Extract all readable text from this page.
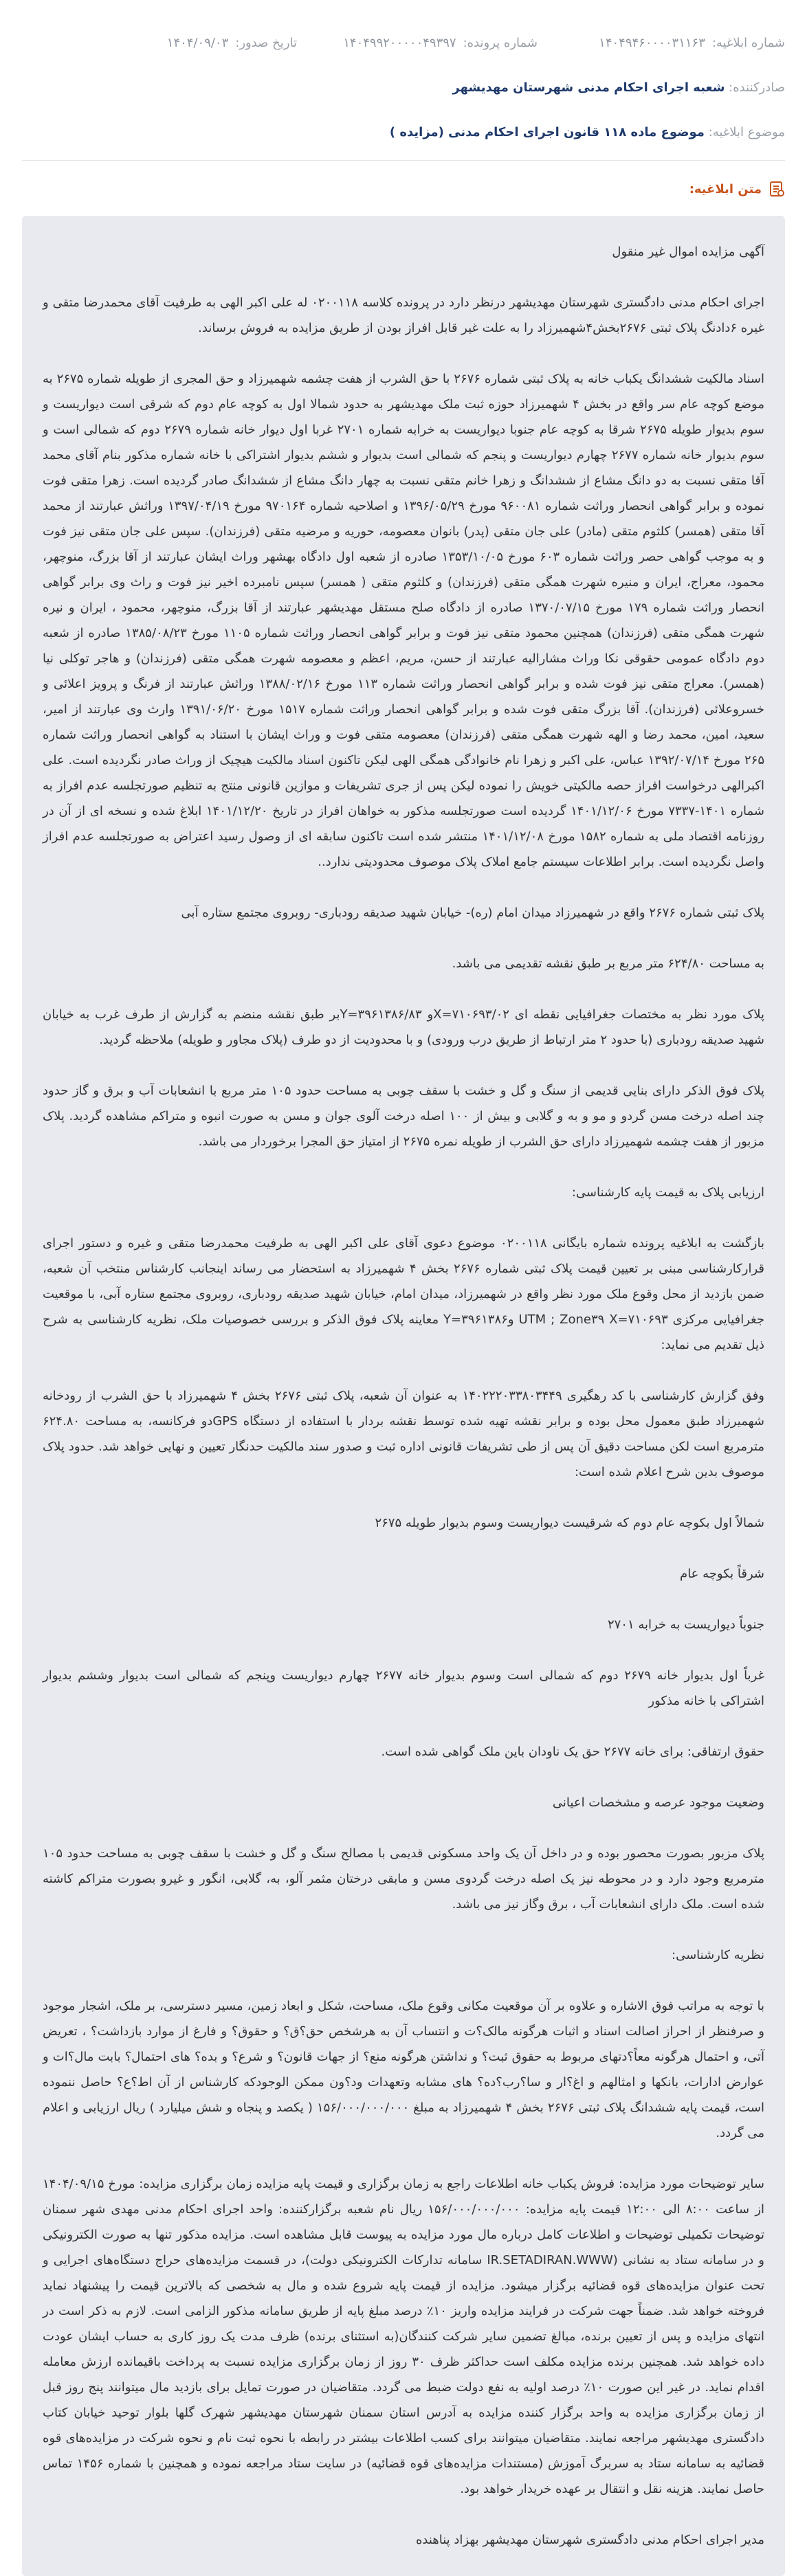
شماره ابلاغیه:
۱۴۰۴۹۴۶۰۰۰۰۳۱۱۶۳
شماره پرونده:
۱۴۰۴۹۹۲۰۰۰۰۰۴۹۳۹۷
تاریخ صدور:
۱۴۰۴/۰۹/۰۳
صادرکننده: شعبه اجرای احکام مدنی شهرستان مهدیشهر
موضوع ابلاغیه: موضوع ماده ۱۱۸ قانون اجرای احکام مدنی (مزایده )
متن ابلاغیه:

آگهی مزایده اموال غیر منقول

اجرای احکام مدنی دادگستری شهرستان مهدیشهر درنظر دارد در پرونده کلاسه ۰۲۰۰۱۱۸ له علی اکبر الهی به طرفیت آقای محمدرضا متقی و غیره ۶دادنگ پلاک ثبتی ۲۶۷۶بخش۴شهمیرزاد را به علت غیر قابل افراز بودن از طریق مزایده به فروش برساند.

اسناد مالکیت ششدانگ یکباب خانه به پلاک ثبتی شماره ۲۶۷۶ با حق الشرب از هفت چشمه شهمیرزاد و حق المجری از طویله شماره ۲۶۷۵ به موضع کوچه عام سر واقع در بخش ۴ شهمیرزاد حوزه ثبت ملک مهدیشهر به حدود شمالا اول به کوچه عام دوم که شرقی است دیواریست و سوم بدیوار طویله ۲۶۷۵ شرقا به کوچه عام جنوبا دیواریست به خرابه شماره ۲۷۰۱ غربا اول دیوار خانه شماره ۲۶۷۹ دوم که شمالی است و سوم بدیوار خانه شماره ۲۶۷۷ چهارم دیواریست و پنجم که شمالی است بدیوار و ششم بدیوار اشتراکی با خانه شماره مذکور بنام آقای محمد آقا متقی نسبت به دو دانگ مشاع از ششدانگ و زهرا خانم متقی نسبت به چهار دانگ مشاع از ششدانگ صادر گردیده است. زهرا متقی فوت نموده و برابر گواهی انحصار وراثت شماره ۹۶۰۰۸۱ مورخ ۱۳۹۶/۰۵/۲۹ و اصلاحیه شماره ۹۷۰۱۶۴ مورخ ۱۳۹۷/۰۴/۱۹ وراثش عبارتند از محمد آقا متقی (همسر) کلثوم متقی (مادر) علی جان متقی (پدر) بانوان معصومه، حوریه و مرضیه متقی (فرزندان). سپس علی جان متقی نیز فوت و به موجب گواهی حصر وراثت شماره ۶۰۳ مورخ ۱۳۵۳/۱۰/۰۵ صادره از شعبه اول دادگاه بهشهر وراث ایشان عبارتند از آقا بزرگ، منوچهر، محمود، معراج، ایران و منیره شهرت همگی متقی (فرزندان) و کلثوم متقی ( همسر) سپس نامبرده اخیر نیز فوت و راث وی برابر گواهی انحصار وراثت شماره ۱۷۹ مورخ ۱۳۷۰/۰۷/۱۵ صادره از دادگاه صلح مستقل مهدیشهر عبارتند از آقا بزرگ، منوچهر، محمود ، ایران و نیره شهرت همگی متقی (فرزندان) همچنین محمود متقی نیز فوت و برابر گواهی انحصار وراثت شماره ۱۱۰۵ مورخ ۱۳۸۵/۰۸/۲۳ صادره از شعبه دوم دادگاه عمومی حقوقی نکا وراث مشارالیه عبارتند از حسن، مریم، اعظم و معصومه شهرت همگی متقی (فرزندان) و هاجر توکلی نیا (همسر). معراج متقی نیز فوت شده و برابر گواهی انحصار وراثت شماره ۱۱۳ مورخ ۱۳۸۸/۰۲/۱۶ وراثش عبارتند از فرنگ و پرویز اعلائی و خسروعلائی (فرزندان). آقا بزرگ متقی فوت شده و برابر گواهی انحصار وراثت شماره ۱۵۱۷ مورخ ۱۳۹۱/۰۶/۲۰ وارث وی عبارتند از امیر، سعید، امین، محمد رضا و الهه شهرت همگی متقی (فرزندان) معصومه متقی فوت و وراث ایشان با استناد به گواهی انحصار وراثت شماره ۲۶۵ مورخ ۱۳۹۲/۰۷/۱۴ عباس، علی اکبر و زهرا نام خانوادگی همگی الهی لیکن تاکنون اسناد مالکیت هیچیک از وراث صادر نگردیده است. علی اکبرالهی درخواست افراز حصه مالکیتی خویش را نموده لیکن پس از جری تشریفات و موازین قانونی منتج به تنظیم صورتجلسه عدم افراز به شماره ۱۴۰۱-۷۳۳۷ مورخ ۱۴۰۱/۱۲/۰۶ گردیده است صورتجلسه مذکور به خواهان افراز در تاریخ ۱۴۰۱/۱۲/۲۰ ابلاغ شده و نسخه ای از آن در روزنامه اقتصاد ملی به شماره ۱۵۸۲ مورخ ۱۴۰۱/۱۲/۰۸ منتشر شده است تاکنون سابقه ای از وصول رسید اعتراض به صورتجلسه عدم افراز واصل نگردیده است. برابر اطلاعات سیستم جامع املاک پلاک موصوف محدودیتی ندارد..

پلاک ثبتی شماره ۲۶۷۶ واقع در شهمیرزاد میدان امام (ره)- خیابان شهید صدیقه رودباری- روبروی مجتمع ستاره آبی

به مساحت ۶۲۴/۸۰ متر مربع بر طبق نقشه تقدیمی می باشد.

پلاک مورد نظر به مختصات جغرافیایی نقطه ای X=۷۱۰۶۹۳/۰۲و Y=۳۹۶۱۳۸۶/۸۳بر طبق نقشه منضم به گزارش از طرف غرب به خیابان شهید صدیقه رودباری (با حدود ۲ متر ارتباط از طریق درب ورودی) و با محدودیت از دو طرف (پلاک مجاور و طویله) ملاحظه گردید.

پلاک فوق الذکر دارای بنایی قدیمی از سنگ و گل و خشت با سقف چوبی به مساحت حدود ۱۰۵ متر مربع با انشعابات آب و برق و گاز حدود چند اصله درخت مسن گردو و مو و به و گلابی و بیش از ۱۰۰ اصله درخت آلوی جوان و مسن به صورت انبوه و متراکم مشاهده گردید. پلاک مزبور از هفت چشمه شهمیرزاد دارای حق الشرب از طویله نمره ۲۶۷۵ از امتیاز حق المجرا برخوردار می باشد.

ارزیابی پلاک به قیمت پایه کارشناسی:

بازگشت به ابلاغیه پرونده شماره بایگانی ۰۲۰۰۱۱۸ موضوع دعوی آقای علی اکبر الهی به طرفیت محمدرضا متقی و غیره و دستور اجرای قرارکارشناسی مبنی بر تعیین قیمت پلاک ثبتی شماره ۲۶۷۶ بخش ۴ شهمیرزاد به استحضار می رساند اینجانب کارشناس منتخب آن شعبه، ضمن بازدید از محل وقوع ملک مورد نظر واقع در شهمیرزاد، میدان امام، خیابان شهید صدیقه رودباری، روبروی مجتمع ستاره آبی، با موقعیت جغرافیایی مرکزی UTM ; Zone۳۹ X=۷۱۰۶۹۳ وY=۳۹۶۱۳۸۶ معاینه پلاک فوق الذکر و بررسی خصوصیات ملک، نظریه کارشناسی به شرح ذیل تقدیم می نماید:

وفق گزارش کارشناسی با کد رهگیری ۱۴۰۲۲۲۰۳۳۸۰۳۴۴۹ به عنوان آن شعبه، پلاک ثبتی ۲۶۷۶ بخش ۴ شهمیرزاد با حق الشرب از رودخانه شهمیرزاد طبق معمول محل بوده و برابر نقشه تهیه شده توسط نقشه بردار با استفاده از دستگاه GPSدو فرکانسه، به مساحت ۶۲۴.۸۰ مترمربع است لکن مساحت دقیق آن پس از طی تشریفات قانونی اداره ثبت و صدور سند مالکیت حدنگار تعیین و نهایی خواهد شد. حدود پلاک موصوف بدین شرح اعلام شده است:

شمالاً اول بکوچه عام دوم که شرقیست دیواریست وسوم بدیوار طویله ۲۶۷۵

شرقاً بکوچه عام

جنوباً دیواریست به خرابه ۲۷۰۱

غرباً اول بدیوار خانه ۲۶۷۹ دوم که شمالی است وسوم بدیوار خانه ۲۶۷۷ چهارم دیواریست وپنجم که شمالی است بدیوار وششم بدیوار اشتراکی با خانه مذکور

حقوق ارتفاقی: برای خانه ۲۶۷۷ حق یک ناودان باین ملک گواهی شده است.

وضعیت موجود عرصه و مشخصات اعیانی

پلاک مزبور بصورت محصور بوده و در داخل آن یک واحد مسکونی قدیمی با مصالح سنگ و گل و خشت با سقف چوبی به مساحت حدود ۱۰۵ مترمربع وجود دارد و در محوطه نیز یک اصله درخت گردوی مسن و مابقی درختان مثمر آلو، به، گلابی، انگور و غیرو بصورت متراکم کاشته شده است. ملک دارای انشعابات آب ، برق وگاز نیز می باشد.

نظریه کارشناسی:

با توجه به مراتب فوق الاشاره و علاوه بر آن موقعیت مکانی وقوع ملک، مساحت، شکل و ابعاد زمین، مسیر دسترسی، بر ملک، اشجار موجود و صرفنظر از احراز اصالت اسناد و اثبات هرگونه مالک؟ت و انتساب آن به هرشخص حق؟ق؟ و حقوق؟ و فارغ از موارد بازداشت؟ ، تعریض آتی، و احتمال هرگونه معاً؟دتهای مربوط به حقوق ثبت؟ و نداشتن هرگونه منع؟ از جهات قانون؟ و شرع؟ و بده؟ های احتمال؟ بابت مال؟ات و عوارض ادارات، بانکها و امثالهم و اغ؟ار و سا؟رب؟ده؟ های مشابه وتعهدات ود؟ون ممکن الوجودکه کارشناس از آن اط؟ع؟ حاصل ننموده است، قیمت پایه ششدانگ پلاک ثبتی ۲۶۷۶ بخش ۴ شهمیرزاد به مبلغ ۱۵۶/۰۰۰/۰۰۰/۰۰۰ ( یکصد و پنجاه و شش میلیارد ) ریال ارزیابی و اعلام می گردد.

سایر توضیحات مورد مزایده: فروش یکباب خانه اطلاعات راجع به زمان برگزاری و قیمت پایه مزایده زمان برگزاری مزایده: مورخ ۱۴۰۴/۰۹/۱۵ از ساعت ۸:۰۰ الی ۱۲:۰۰ قیمت پایه مزایده: ۱۵۶/۰۰۰/۰۰۰/۰۰۰ ریال نام شعبه برگزارکننده: واحد اجرای احکام مدنی مهدی شهر سمنان توضیحات تکمیلی توضیحات و اطلاعات کامل درباره مال مورد مزایده به پیوست قابل مشاهده است. مزایده مذکور تنها به صورت الکترونیکی و در سامانه ستاد به نشانی (IR.SETADIRAN.WWW سامانه تدارکات الکترونیکی دولت)، در قسمت مزایده‌های حراج دستگاه‌های اجرایی و تحت عنوان مزایده‌های قوه قضائیه برگزار میشود. مزایده از قیمت پایه شروع شده و مال به شخصی که بالاترین قیمت را پیشنهاد نماید فروخته خواهد شد. ضمناً جهت شرکت در فرایند مزایده واریز ۱۰٪ درصد مبلغ پایه از طریق سامانه مذکور الزامی است. لازم به ذکر است در انتهای مزایده و پس از تعیین برنده، مبالغ تضمین سایر شرکت کنندگان(به استثنای برنده) ظرف مدت یک روز کاری به حساب ایشان عودت داده خواهد شد. همچنین برنده مزایده مکلف است حداکثر ظرف ۳۰ روز از زمان برگزاری مزایده نسبت به پرداخت باقیمانده ارزش معامله اقدام نماید. در غیر این صورت ۱۰٪ درصد اولیه به نفع دولت ضبط می گردد. متقاضیان در صورت تمایل برای بازدید مال میتوانند پنج روز قبل از زمان برگزاری مزایده به واحد برگزار کننده مزایده به آدرس استان سمنان شهرستان مهدیشهر شهرک گلها بلوار توحید خیابان کتاب دادگستری مهدیشهر مراجعه نمایند. متقاضیان میتوانند برای کسب اطلاعات بیشتر در رابطه با نحوه ثبت نام و نحوه شرکت در مزایده‌های قوه قضائیه به سامانه ستاد به سربرگ آموزش (مستندات مزایده‌های قوه قضائیه) در سایت ستاد مراجعه نموده و همچنین با شماره ۱۴۵۶ تماس حاصل نمایند. هزینه نقل و انتقال بر عهده خریدار خواهد بود.

مدیر اجرای احکام مدنی دادگستری شهرستان مهدیشهر بهزاد پناهنده
